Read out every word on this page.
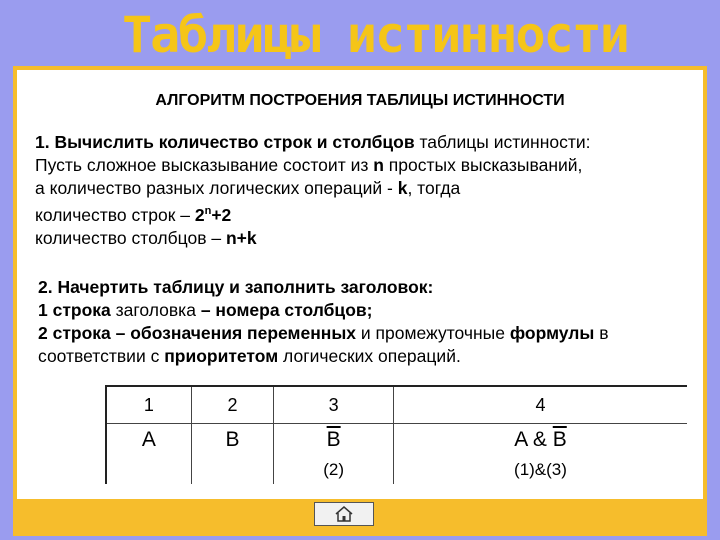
Таблицы истинности
АЛГОРИТМ ПОСТРОЕНИЯ ТАБЛИЦЫ ИСТИННОСТИ
1. Вычислить количество строк и столбцов таблицы истинности:
Пусть сложное высказывание состоит из n простых высказываний,
а количество разных логических операций - k, тогда
количество строк – $2^n+2$
количество столбцов – n+k
2. Начертить таблицу и заполнить заголовок:
1 строка заголовка – номера столбцов;
2 строка – обозначения переменных и промежуточные формулы в
соответствии с приоритетом логических операций.
1	2	3	4
A	B	$\overline{B}$	A & $\overline{B}$
		(2)	(1)&(3)
